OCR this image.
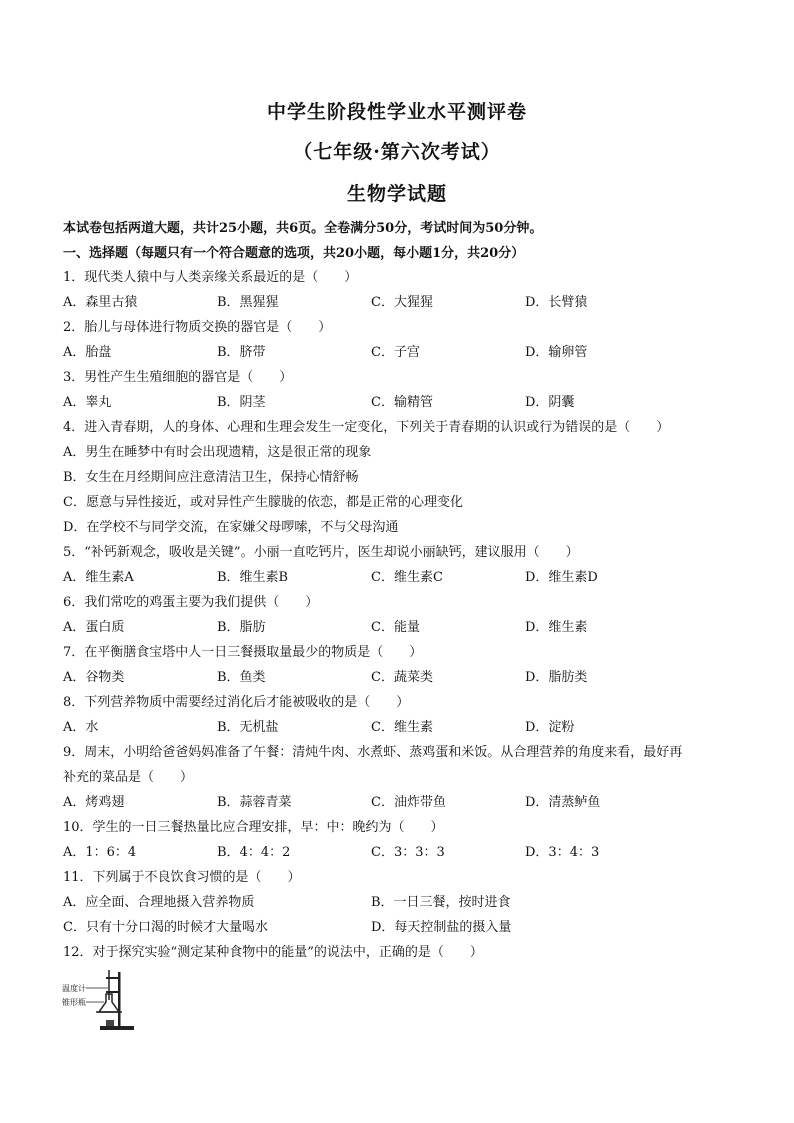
中学生阶段性学业水平测评卷
（七年级·第六次考试）
生物学试题
本试卷包括两道大题，共计25小题，共6页。全卷满分50分，考试时间为50分钟。
一、选择题（每题只有一个符合题意的选项，共20小题，每小题1分，共20分）
1．现代类人猿中与人类亲缘关系最近的是（　　）
A．森里古猿	B．黑猩猩	C．大猩猩	D．长臂猿
2．胎儿与母体进行物质交换的器官是（　　）
A．胎盘	B．脐带	C．子宫	D．输卵管
3．男性产生生殖细胞的器官是（　　）
A．睾丸	B．阴茎	C．输精管	D．阴囊
4．进入青春期，人的身体、心理和生理会发生一定变化，下列关于青春期的认识或行为错误的是（　　）
A．男生在睡梦中有时会出现遗精，这是很正常的现象
B．女生在月经期间应注意清洁卫生，保持心情舒畅
C．愿意与异性接近，或对异性产生朦胧的依恋，都是正常的心理变化
D．在学校不与同学交流，在家嫌父母啰嗦，不与父母沟通
5．“补钙新观念，吸收是关键”。小丽一直吃钙片，医生却说小丽缺钙，建议服用（　　）
A．维生素A	B．维生素B	C．维生素C	D．维生素D
6．我们常吃的鸡蛋主要为我们提供（　　）
A．蛋白质	B．脂肪	C．能量	D．维生素
7．在平衡膳食宝塔中人一日三餐摄取量最少的物质是（　　）
A．谷物类	B．鱼类	C．蔬菜类	D．脂肪类
8．下列营养物质中需要经过消化后才能被吸收的是（　　）
A．水	B．无机盐	C．维生素	D．淀粉
9．周末，小明给爸爸妈妈准备了午餐：清炖牛肉、水煮虾、蒸鸡蛋和米饭。从合理营养的角度来看，最好再
补充的菜品是（　　）
A．烤鸡翅	B．蒜蓉青菜	C．油炸带鱼	D．清蒸鲈鱼
10．学生的一日三餐热量比应合理安排，早：中：晚约为（　　）
A．1：6：4	B．4：4：2	C．3：3：3	D．3：4：3
11．下列属于不良饮食习惯的是（　　）
A．应全面、合理地摄入营养物质	B．一日三餐，按时进食
C．只有十分口渴的时候才大量喝水	D．每天控制盐的摄入量
12．对于探究实验“测定某种食物中的能量”的说法中，正确的是（　　）
温度计
锥形瓶
